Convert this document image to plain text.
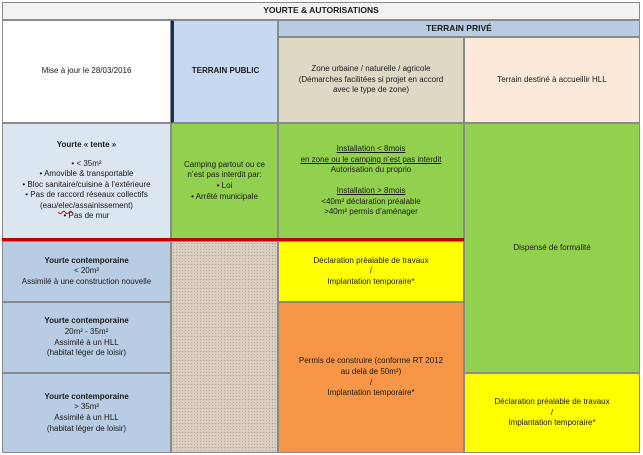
YOURTE & AUTORISATIONS
TERRAIN PRIVÉ
Mise à jour le 28/03/2016	TERRAIN PUBLIC	Zone urbaine / naturelle / agricole
(Démarches facilitées si projet en accord
avec le type de zone)
Terrain destiné à accueillir HLL
Yourte « tente »
• < 35m²
• Amovible & transportable
• Bloc sanitaire/cuisine à l’extérieure
• Pas de raccord réseaux collectifs
(eau/elec/assainissement)
• Pas de mur
Camping partout ou ce
n’est pas interdit par:
• Loi
• Arrêté municipale
Installation < 8mois
en zone ou le camping n’est pas interdit
Autorisation du proprio
Installation > 8mois
<40m² déclaration préalable
>40m² permis d’aménager
Dispensé de formalité
Yourte contemporaine
< 20m²
Assimilé à une construction nouvelle
Déclaration préalable de travaux
/
Implantation temporaire*
Yourte contemporaine
20m² - 35m²
Assimilé à un HLL
(habitat léger de loisir)
Permis de construire (conforme RT 2012
au delà de 50m²)
/
Implantation temporaire*
Yourte contemporaine
> 35m²
Assimilé à un HLL
(habitat léger de loisir)
Déclaration préalable de travaux
/
Implantation temporaire*
